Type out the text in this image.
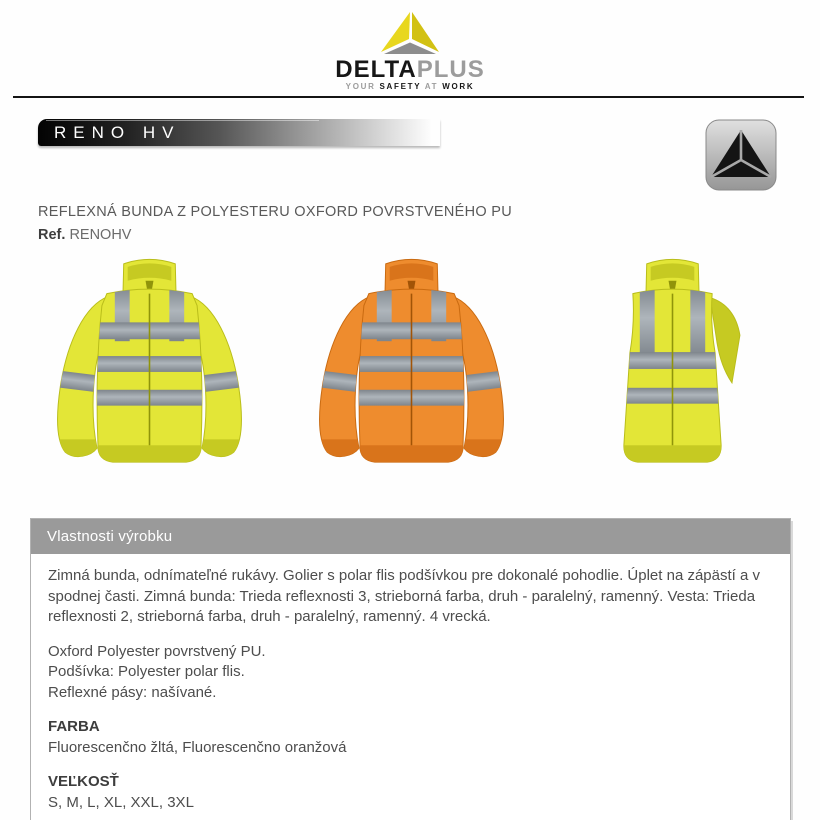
DELTAPLUS
YOUR SAFETY AT WORK
RENO HV
REFLEXNÁ BUNDA Z POLYESTERU OXFORD POVRSTVENÉHO PU
Ref. RENOHV
Vlastnosti výrobku

Zimná bunda, odnímateľné rukávy. Golier s polar flis podšívkou pre dokonalé pohodlie. Úplet na zápästí a v spodnej časti. Zimná bunda: Trieda reflexnosti 3, strieborná farba, druh - paralelný, ramenný. Vesta: Trieda reflexnosti 2, strieborná farba, druh - paralelný, ramenný. 4 vrecká.

Oxford Polyester povrstvený PU.
Podšívka: Polyester polar flis.
Reflexné pásy: našívané.

FARBA

Fluorescenčno žltá, Fluorescenčno oranžová

VEĽKOSŤ

S, M, L, XL, XXL, 3XL
